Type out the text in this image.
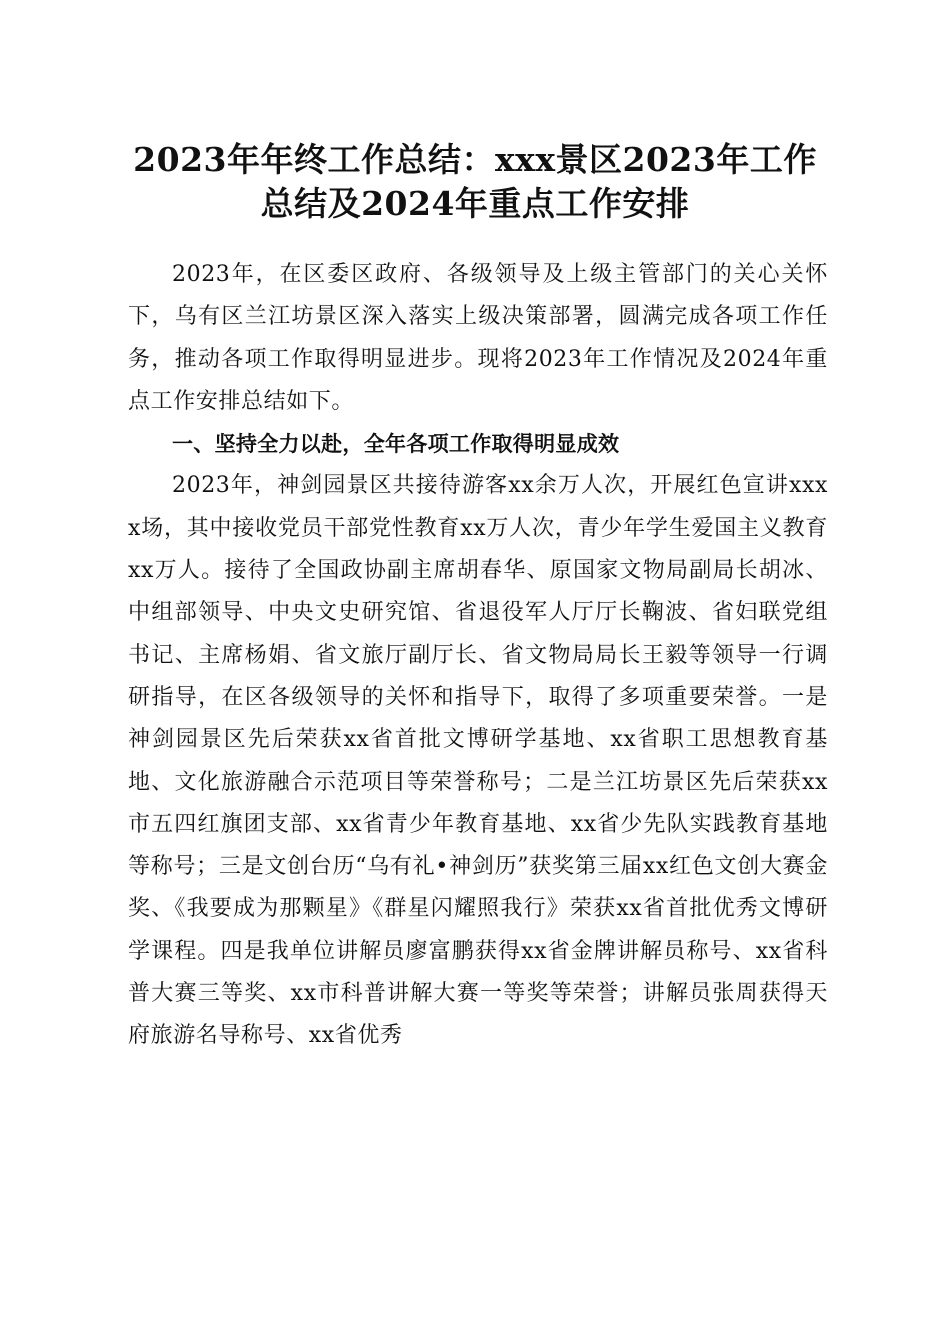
2023年年终工作总结：xxx景区2023年工作
总结及2024年重点工作安排

2023年，在区委区政府、各级领导及上级主管部门的关心关怀下，乌有区兰江坊景区深入落实上级决策部署，圆满完成各项工作任务，推动各项工作取得明显进步。现将2023年工作情况及2024年重点工作安排总结如下。

一、坚持全力以赴，全年各项工作取得明显成效

2023年，神剑园景区共接待游客xx余万人次，开展红色宣讲xxxx场，其中接收党员干部党性教育xx万人次，青少年学生爱国主义教育xx万人。接待了全国政协副主席胡春华、原国家文物局副局长胡冰、中组部领导、中央文史研究馆、省退役军人厅厅长鞠波、省妇联党组书记、主席杨娟、省文旅厅副厅长、省文物局局长王毅等领导一行调研指导，在区各级领导的关怀和指导下，取得了多项重要荣誉。一是神剑园景区先后荣获xx省首批文博研学基地、xx省职工思想教育基地、文化旅游融合示范项目等荣誉称号；二是兰江坊景区先后荣获xx市五四红旗团支部、xx省青少年教育基地、xx省少先队实践教育基地等称号；三是文创台历“乌有礼•神剑历”获奖第三届xx红色文创大赛金奖、《我要成为那颗星》《群星闪耀照我行》荣获xx省首批优秀文博研学课程。四是我单位讲解员廖富鹏获得xx省金牌讲解员称号、xx省科普大赛三等奖、xx市科普讲解大赛一等奖等荣誉；讲解员张周获得天府旅游名导称号、xx省优秀
